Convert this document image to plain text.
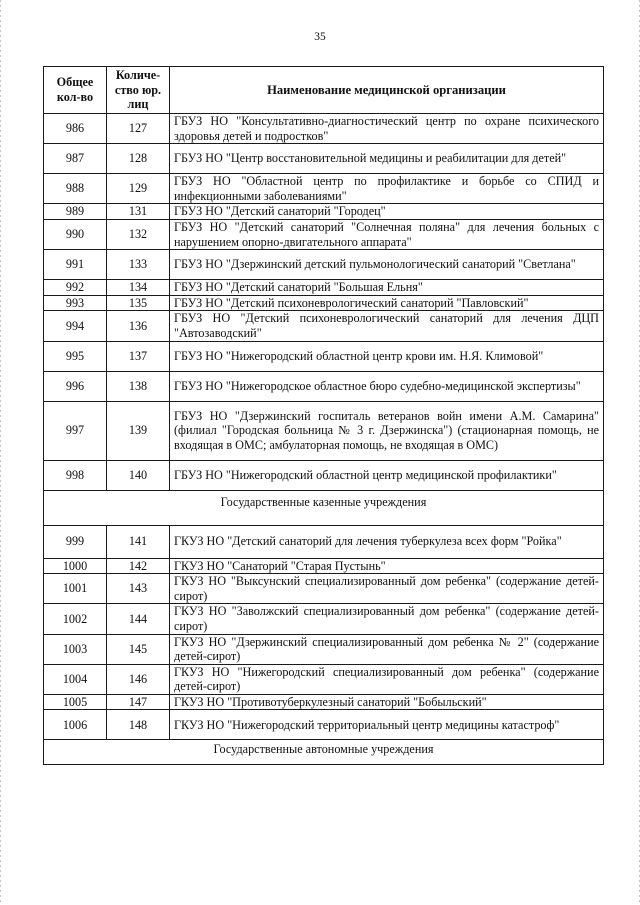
35
Общее кол-во	Количе-ство юр. лиц	Наименование медицинской организации
986	127	ГБУЗ НО "Консультативно-диагностический центр по охране психического здоровья детей и подростков"
987	128	ГБУЗ НО "Центр восстановительной медицины и реабилитации для детей"
988	129	ГБУЗ НО "Областной центр по профилактике и борьбе со СПИД и инфекционными заболеваниями"
989	131	ГБУЗ НО "Детский санаторий "Городец"
990	132	ГБУЗ НО "Детский санаторий "Солнечная поляна" для лечения больных с нарушением опорно-двигательного аппарата"
991	133	ГБУЗ НО "Дзержинский детский пульмонологический санаторий "Светлана"
992	134	ГБУЗ НО "Детский санаторий "Большая Ельня"
993	135	ГБУЗ НО "Детский психоневрологический санаторий "Павловский"
994	136	ГБУЗ НО "Детский психоневрологический санаторий для лечения ДЦП "Автозаводский"
995	137	ГБУЗ НО "Нижегородский областной центр крови им. Н.Я. Климовой"
996	138	ГБУЗ НО "Нижегородское областное бюро судебно-медицинской экспертизы"
997	139	ГБУЗ НО "Дзержинский госпиталь ветеранов войн имени А.М. Самарина" (филиал "Городская больница № 3 г. Дзержинска") (стационарная помощь, не входящая в ОМС; амбулаторная помощь, не входящая в ОМС)
998	140	ГБУЗ НО "Нижегородский областной центр медицинской профилактики"
Государственные казенные учреждения		
999	141	ГКУЗ НО "Детский санаторий для лечения туберкулеза всех форм "Ройка"
1000	142	ГКУЗ НО "Санаторий "Старая Пустынь"
1001	143	ГКУЗ НО "Выксунский специализированный дом ребенка" (содержание детей-сирот)
1002	144	ГКУЗ НО "Заволжский специализированный дом ребенка" (содержание детей-сирот)
1003	145	ГКУЗ НО "Дзержинский специализированный дом ребенка № 2" (содержание детей-сирот)
1004	146	ГКУЗ НО "Нижегородский специализированный дом ребенка" (содержание детей-сирот)
1005	147	ГКУЗ НО "Противотуберкулезный санаторий "Бобыльский"
1006	148	ГКУЗ НО "Нижегородский территориальный центр медицины катастроф"
Государственные автономные учреждения		
